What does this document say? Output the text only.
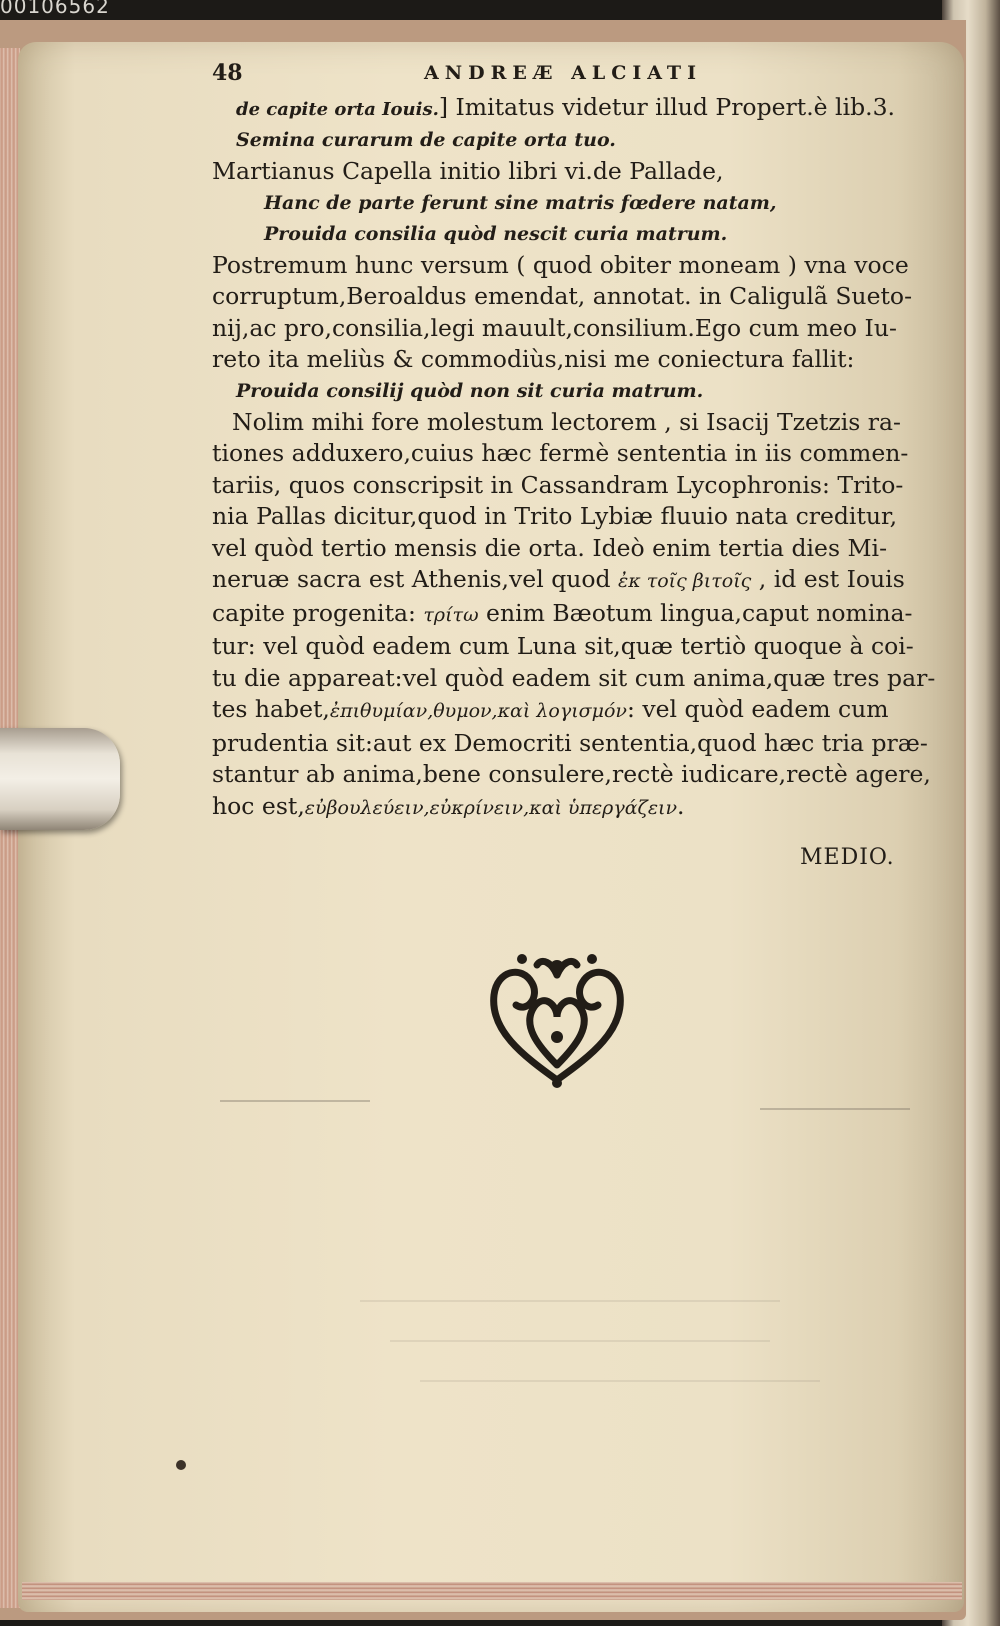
00106562
48	ANDREÆ ALCIATI
de capite orta Iouis.] Imitatus videtur illud Propert.è lib.3.
Semina curarum de capite orta tuo.
Martianus Capella initio libri vi.de Pallade,
Hanc de parte ferunt sine matris fœdere natam,
Prouida consilia quòd nescit curia matrum.
Postremum hunc versum ( quod obiter moneam ) vna voce
corruptum,Beroaldus emendat, annotat. in Caligulã Sueto-
nij,ac pro,consilia,legi mauult,consilium.Ego cum meo Iu-
reto ita meliùs & commodiùs,nisi me coniectura fallit:
Prouida consilij quòd non sit curia matrum.
Nolim mihi fore molestum lectorem , si Isacij Tzetzis ra-
tiones adduxero,cuius hæc fermè sententia in iis commen-
tariis, quos conscripsit in Cassandram Lycophronis: Trito-
nia Pallas dicitur,quod in Trito Lybiæ fluuio nata creditur,
vel quòd tertio mensis die orta. Ideò enim tertia dies Mi-
neruæ sacra est Athenis,vel quod ἐκ τοῖς βιτοῖς , id est Iouis
capite progenita: τρίτω enim Bæotum lingua,caput nomina-
tur: vel quòd eadem cum Luna sit,quæ tertiò quoque à coi-
tu die appareat:vel quòd eadem sit cum anima,quæ tres par-
tes habet,ἐπιθυμίαν,θυμον,καὶ λογισμόν: vel quòd eadem cum
prudentia sit:aut ex Democriti sententia,quod hæc tria præ-
stantur ab anima,bene consulere,rectè iudicare,rectè agere,
hoc est,εὐβουλεύειν,εὐκρίνειν,καὶ ὑπεργάζειν.
MEDIO.
